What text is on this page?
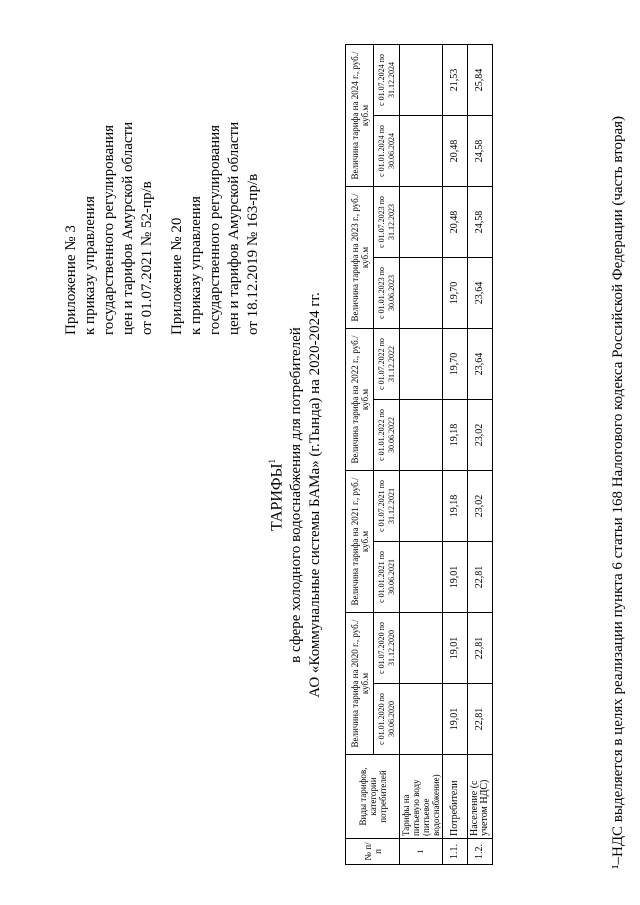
Приложение № 3 к приказу управления государственного регулирования цен и тарифов Амурской области от 01.07.2021 № 52-пр/в Приложение № 20 к приказу управления государственного регулирования цен и тарифов Амурской области от 18.12.2019 № 163-пр/в
ТАРИФЫ$^1$ в сфере холодного водоснабжения для потребителей АО «Коммунальные системы БАМа» (г.Тында) на 2020-2024 гг.
№ п/п	Виды тарифов, категории потребителей	Величина тарифа на 2020 г., руб./куб.м		Величина тарифа на 2021 г., руб./куб.м		Величина тарифа на 2022 г., руб./куб.м		Величина тарифа на 2023 г., руб./куб.м		Величина тарифа на 2024 г., руб./куб.м	
		с 01.01.2020 по 30.06.2020	с 01.07.2020 по 31.12.2020	с 01.01.2021 по 30.06.2021	с 01.07.2021 по 31.12.2021	с 01.01.2022 по 30.06.2022	с 01.07.2022 по 31.12.2022	с 01.01.2023 по 30.06.2023	с 01.07.2023 по 31.12.2023	с 01.01.2024 по 30.06.2024	с 01.07.2024 по 31.12.2024
1	Тарифы на питьевую воду (питьевое водоснабжение)										
1.1.	Потребители	19,01	19,01	19,01	19,18	19,18	19,70	19,70	20,48	20,48	21,53
1.2.	Население (с учетом НДС)	22,81	22,81	22,81	23,02	23,02	23,64	23,64	24,58	24,58	25,84
¹–НДС выделяется в целях реализации пункта 6 статьи 168 Налогового кодекса Российской Федерации (часть вторая)
